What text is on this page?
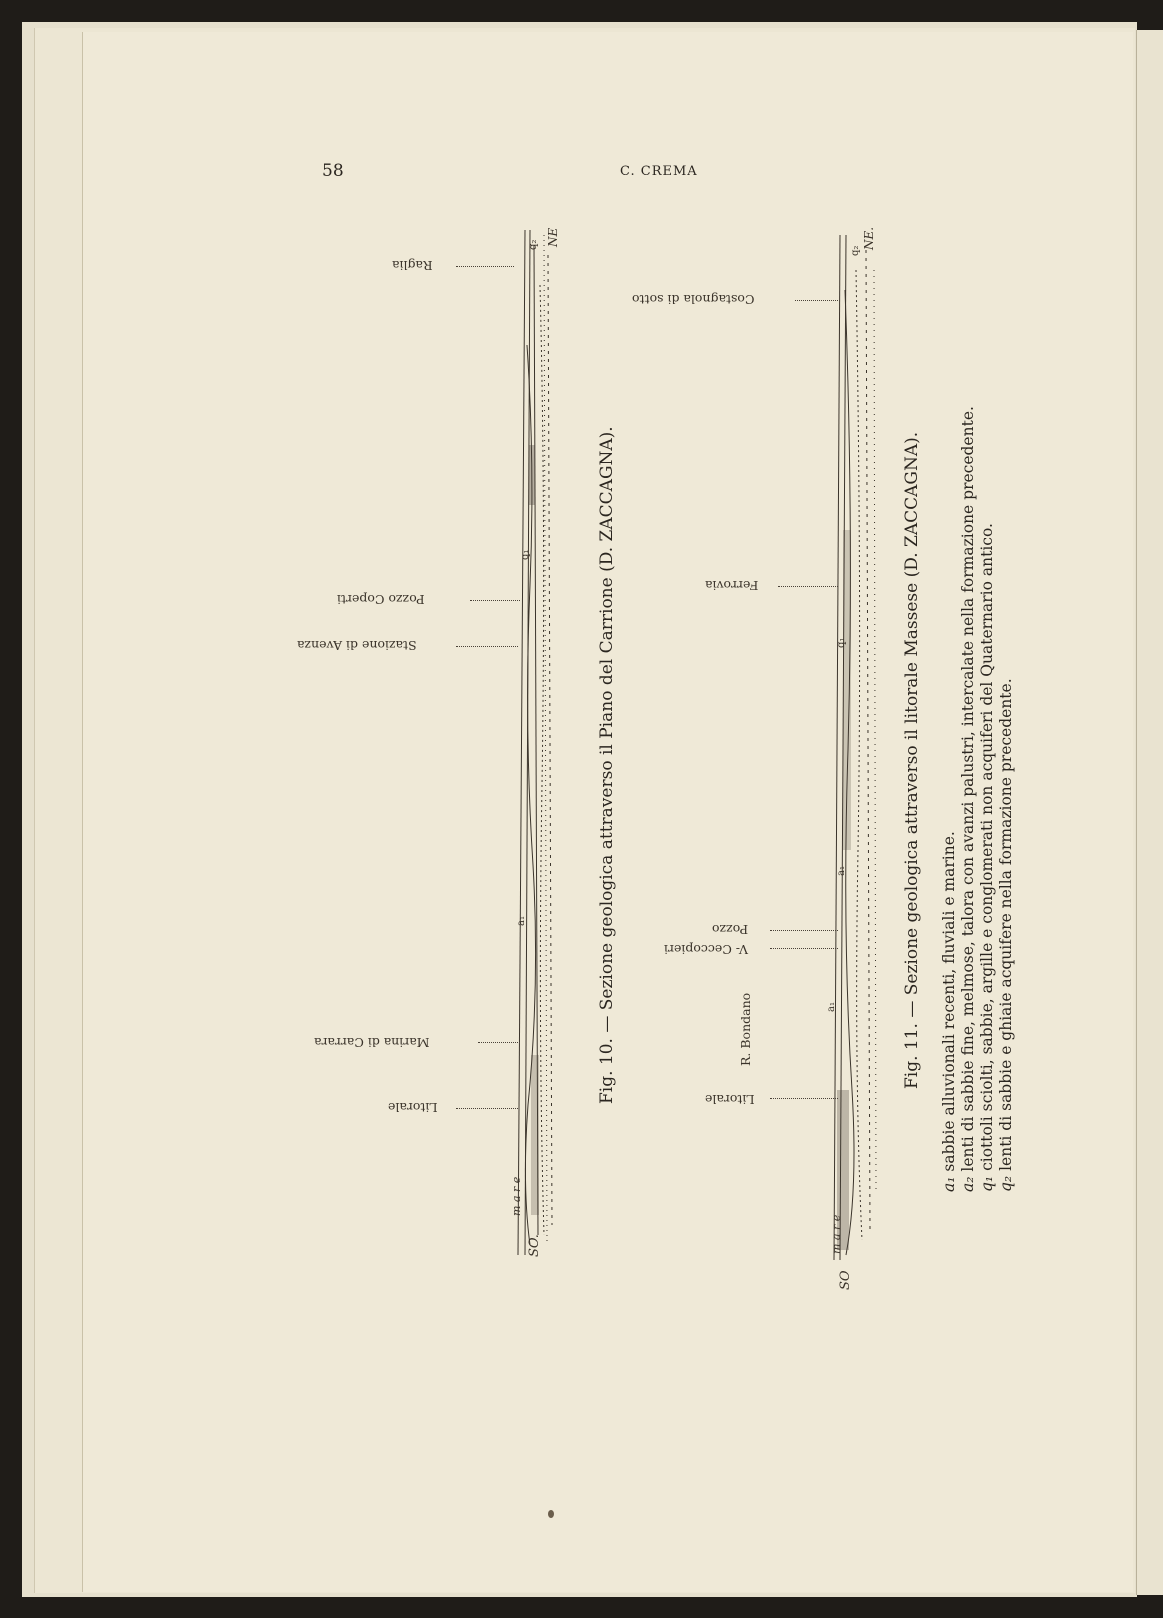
58	C. CREMA
SO.
m a r e
NE
q₁
a₁
q₂
Ragliа
Pozzo Coperti
Stazione di Avenza
Marina di Carrara
Litorale
Fig. 10. — Sezione geologica attraverso il Piano del Carrione (D. ZACCAGNA).
SO
m a r e
NE.
q₁
a₁
a₁
q₂
Costagnola di sotto
Ferrovia
V- Ceccopieri
Pozzo
R. Bondano
Litorale
Fig. 11. — Sezione geologica attraverso il litorale Massese (D. ZACCAGNA).
a₁ sabbie alluvionali recenti, fluviali e marine.
a₂ lenti di sabbie fine, melmose, talora con avanzi palustri, intercalate nella formazione precedente.
q₁ ciottoli sciolti, sabbie, argille e conglomerati non acquiferi del Quaternario antico.
q₂ lenti di sabbie e ghiaie acquifere nella formazione precedente.
